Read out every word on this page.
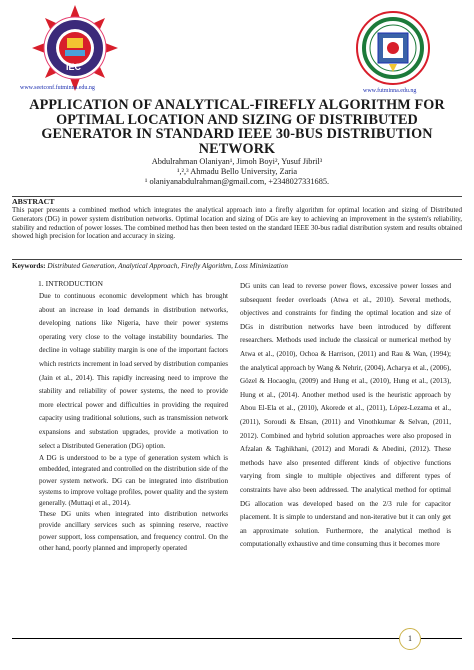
IEC
www.seetconf.futminna.edu.ng	www.futminna.edu.ng
APPLICATION OF ANALYTICAL-FIREFLY ALGORITHM FOR OPTIMAL LOCATION AND SIZING OF DISTRIBUTED GENERATOR IN STANDARD IEEE 30-BUS DISTRIBUTION NETWORK
Abdulrahman Olaniyan¹, Jimoh Boyi², Yusuf Jibril³
¹,²,³ Ahmadu Bello University, Zaria
¹ olaniyanabdulrahman@gmail.com, +2348027331685.
ABSTRACT
This paper presents a combined method which integrates the analytical approach into a firefly algorithm for optimal location and sizing of Distributed Generators (DG) in power system distribution networks. Optimal location and sizing of DGs are key to achieving an improvement in the system's reliability, stability and reduction of power losses. The combined method has then been tested on the standard IEEE 30-bus radial distribution system and results obtained showed high precision for location and accuracy in sizing.
Keywords: Distributed Generation, Analytical Approach, Firefly Algorithm, Loss Minimization
1. INTRODUCTION

Due to continuous economic development which has brought about an increase in load demands in distribution networks, developing nations like Nigeria, have their power systems operating very close to the voltage instability boundaries. The decline in voltage stability margin is one of the important factors which restricts increment in load served by distribution companies (Jain et al., 2014). This rapidly increasing need to improve the stability and reliability of power systems, the need to provide more electrical power and difficulties in providing the required capacity using traditional solutions, such as transmission network expansions and substation upgrades, provide a motivation to select a Distributed Generation (DG) option.

A DG is understood to be a type of generation system which is embedded, integrated and controlled on the distribution side of the power system network. DG can be integrated into distribution systems to improve voltage profiles, power quality and the system generally. (Muttaqi et al., 2014).

These DG units when integrated into distribution networks provide ancillary services such as spinning reserve, reactive power support, loss compensation, and frequency control. On the other hand, poorly planned and improperly operated

DG units can lead to reverse power flows, excessive power losses and subsequent feeder overloads (Atwa et al., 2010). Several methods, objectives and constraints for finding the optimal location and size of DGs in distribution networks have been introduced by different researchers. Methods used include the classical or numerical method by Atwa et al., (2010), Ochoa & Harrison, (2011) and Rau & Wan, (1994); the analytical approach by Wang & Nehrir, (2004), Acharya et al., (2006), Gözel & Hocaoglu, (2009) and Hung et al., (2010), Hung et al., (2013), Hung et al., (2014). Another method used is the heuristic approach by Abou El-Ela et al., (2010), Akorede et al., (2011), López-Lezama et al., (2011), Soroudi & Ehsan, (2011) and Vinothkumar & Selvan, (2011, 2012). Combined and hybrid solution approaches were also proposed in Afzalan & Taghikhani, (2012) and Moradi & Abedini, (2012). These methods have also presented different kinds of objective functions varying from single to multiple objectives and different types of constraints have also been addressed. The analytical method for optimal DG allocation was developed based on the 2/3 rule for capacitor placement. It is simple to understand and non-iterative but it can only get an approximate solution. Furthermore, the analytical method is computationally exhaustive and time consuming thus it becomes more

1
